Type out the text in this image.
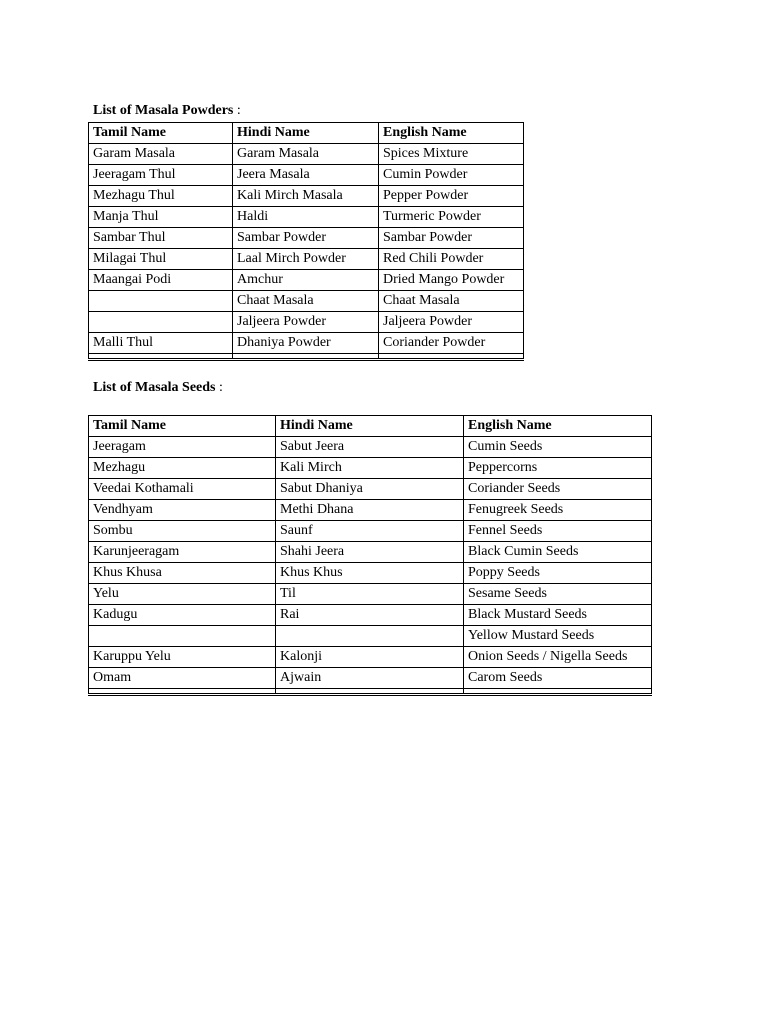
List of Masala Powders :
Tamil Name	Hindi Name	English Name
Garam Masala	Garam Masala	Spices Mixture
Jeeragam Thul	Jeera Masala	Cumin Powder
Mezhagu Thul	Kali Mirch Masala	Pepper Powder
Manja Thul	Haldi	Turmeric Powder
Sambar Thul	Sambar Powder	Sambar Powder
Milagai Thul	Laal Mirch Powder	Red Chili Powder
Maangai Podi	Amchur	Dried Mango Powder
	Chaat Masala	Chaat Masala
	Jaljeera Powder	Jaljeera Powder
Malli Thul	Dhaniya Powder	Coriander Powder

List of Masala Seeds :
Tamil Name	Hindi Name	English Name
Jeeragam	Sabut Jeera	Cumin Seeds
Mezhagu	Kali Mirch	Peppercorns
Veedai Kothamali	Sabut Dhaniya	Coriander Seeds
Vendhyam	Methi Dhana	Fenugreek Seeds
Sombu	Saunf	Fennel Seeds
Karunjeeragam	Shahi Jeera	Black Cumin Seeds
Khus Khusa	Khus Khus	Poppy Seeds
Yelu	Til	Sesame Seeds
Kadugu	Rai	Black Mustard Seeds
		Yellow Mustard Seeds
Karuppu Yelu	Kalonji	Onion Seeds / Nigella Seeds
Omam	Ajwain	Carom Seeds
